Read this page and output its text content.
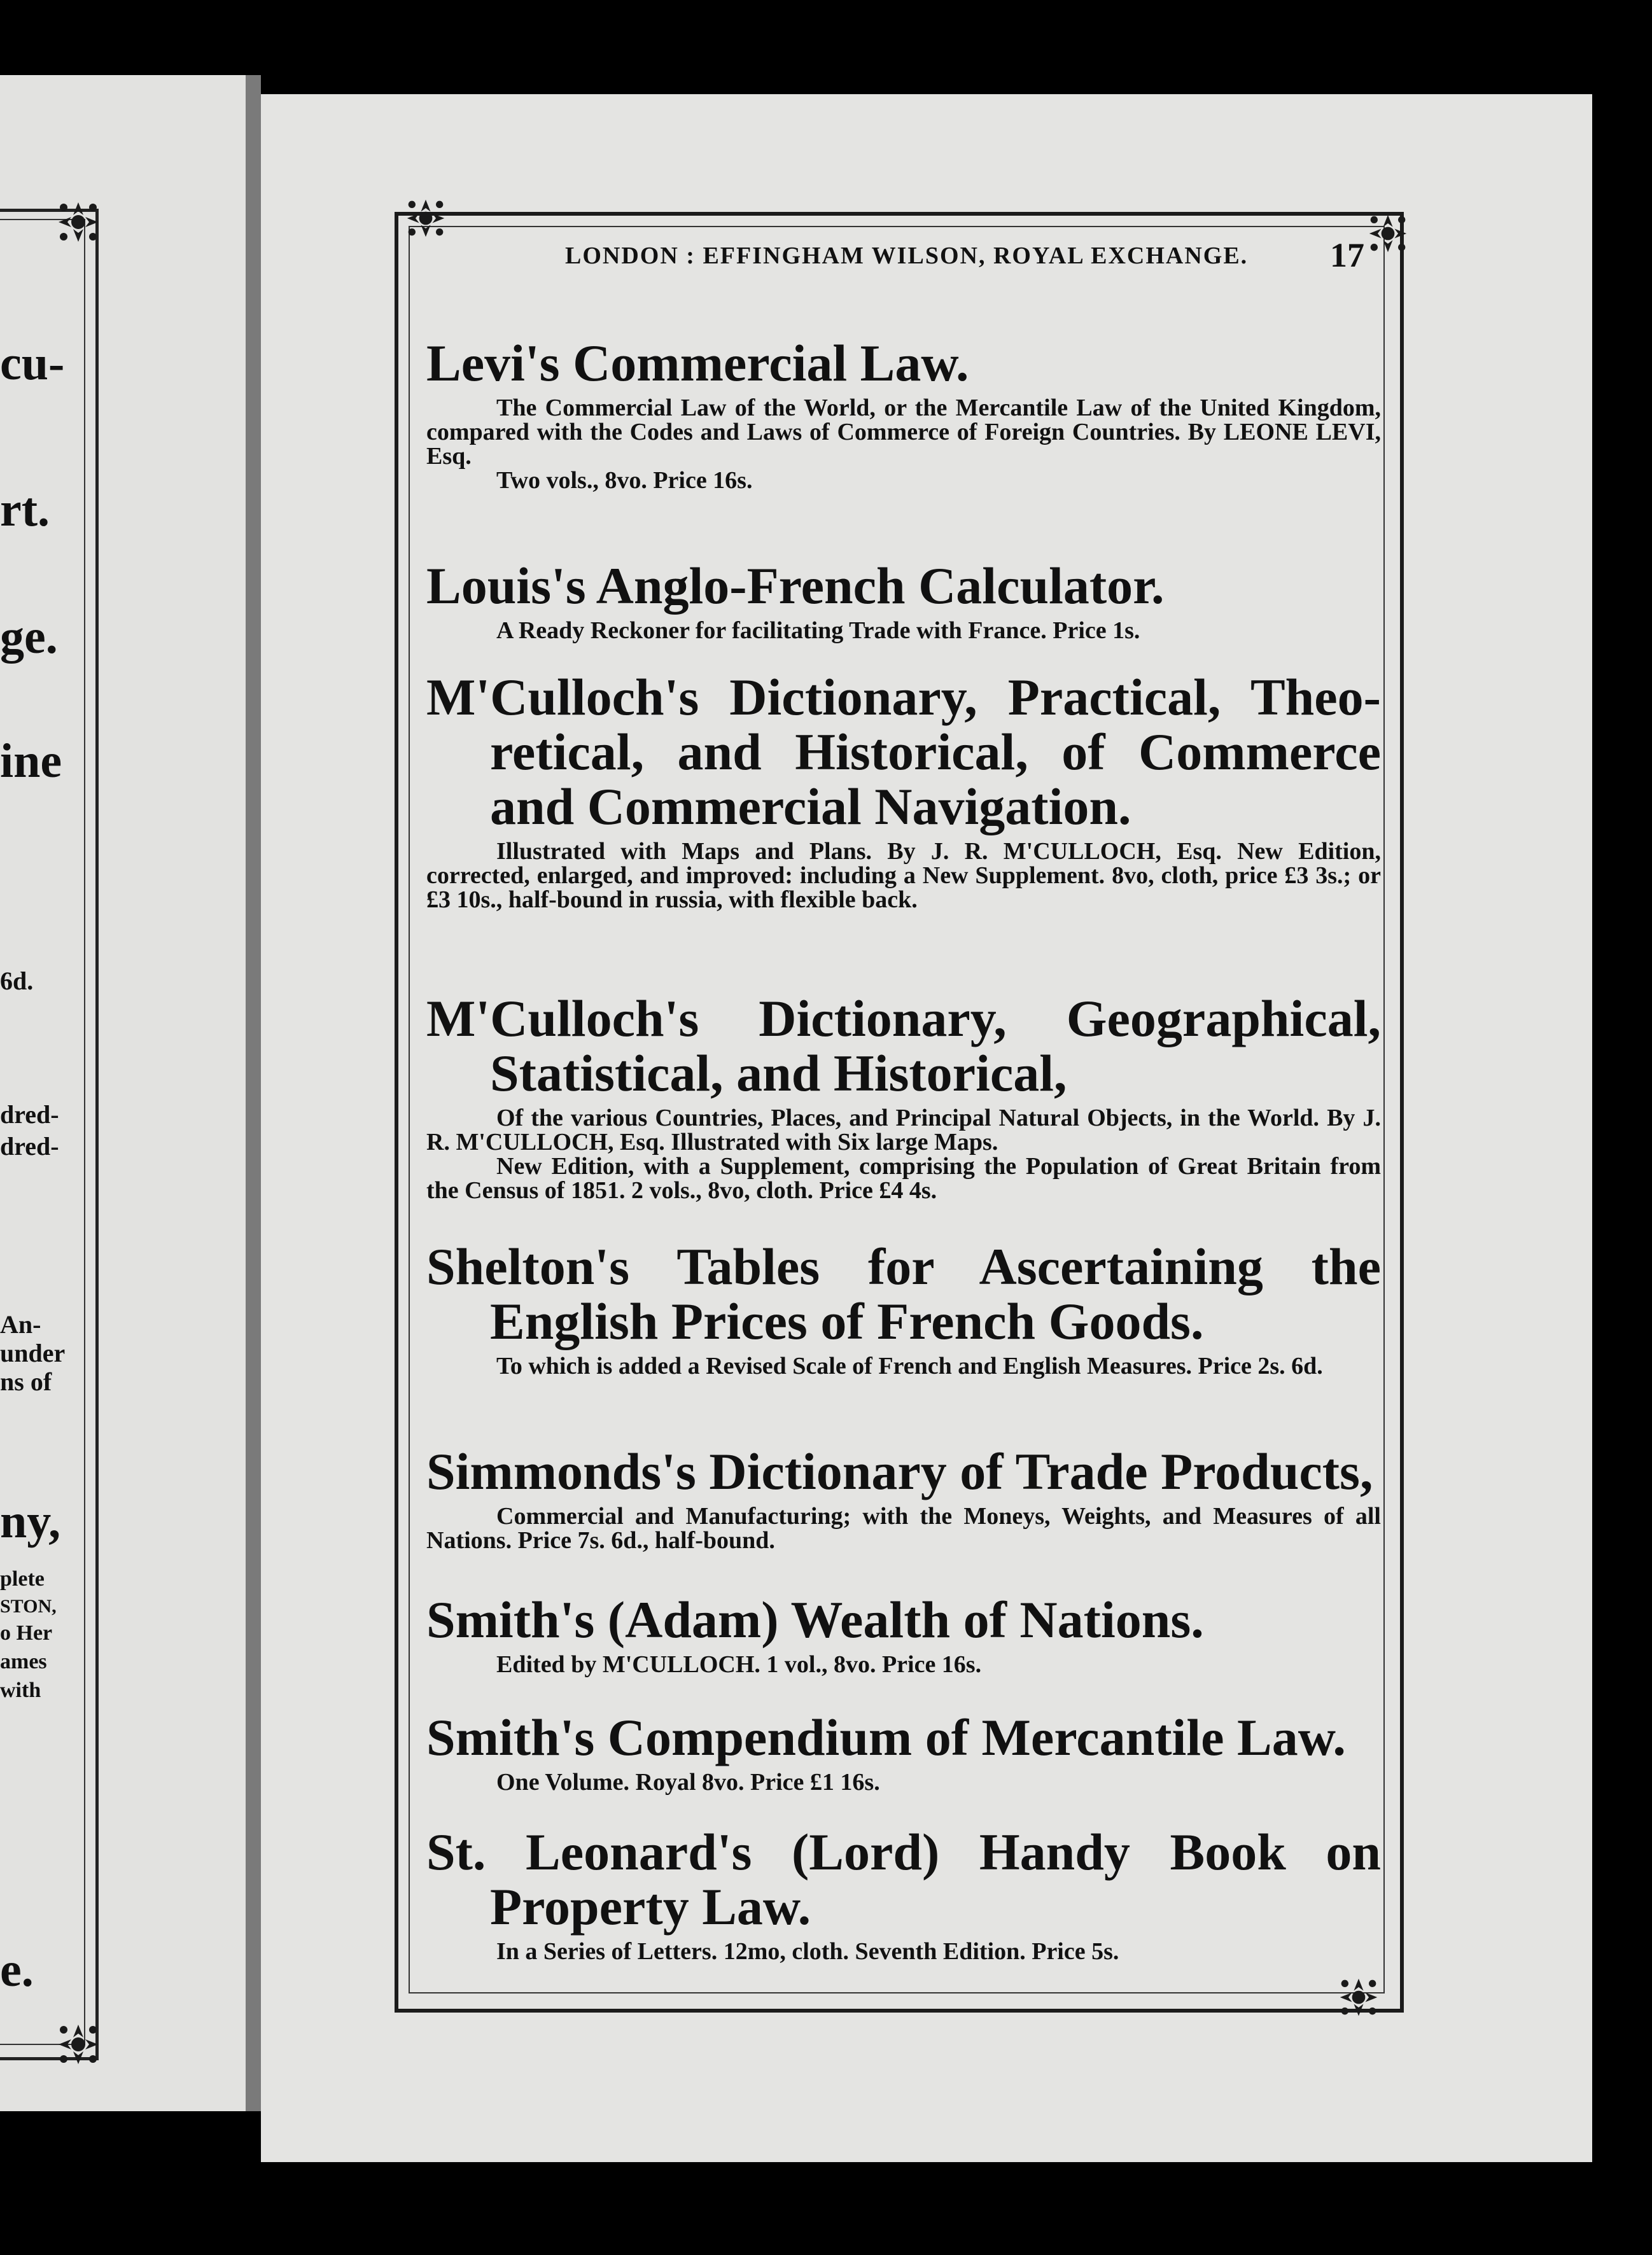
cu-
rt.
ge.
ine
6d.
dred-
dred-
An-
under
ns of
ny,
plete
STON,
o Her
ames
with
e.
LONDON : EFFINGHAM WILSON, ROYAL EXCHANGE. 17

Levi's Commercial Law.

The Commercial Law of the World, or the Mercantile Law of the United Kingdom, compared with the Codes and Laws of Commerce of Foreign Countries. By LEONE LEVI, Esq.

Two vols., 8vo. Price 16s.

Louis's Anglo-French Calculator.

A Ready Reckoner for facilitating Trade with France. Price 1s.

M'Culloch's Dictionary, Practical, Theo-

retical, and Historical, of Commerce

and Commercial Navigation.

Illustrated with Maps and Plans. By J. R. M'CULLOCH, Esq. New Edition, corrected, enlarged, and improved: including a New Supplement. 8vo, cloth, price £3 3s.; or £3 10s., half-bound in russia, with flexible back.

M'Culloch's Dictionary, Geographical,

Statistical, and Historical,

Of the various Countries, Places, and Principal Natural Objects, in the World. By J. R. M'CULLOCH, Esq. Illustrated with Six large Maps.

New Edition, with a Supplement, comprising the Population of Great Britain from the Census of 1851. 2 vols., 8vo, cloth. Price £4 4s.

Shelton's Tables for Ascertaining the

English Prices of French Goods.

To which is added a Revised Scale of French and English Measures. Price 2s. 6d.

Simmonds's Dictionary of Trade Products,

Commercial and Manufacturing; with the Moneys, Weights, and Measures of all Nations. Price 7s. 6d., half-bound.

Smith's (Adam) Wealth of Nations.

Edited by M'CULLOCH. 1 vol., 8vo. Price 16s.

Smith's Compendium of Mercantile Law.

One Volume. Royal 8vo. Price £1 16s.

St. Leonard's (Lord) Handy Book on

Property Law.

In a Series of Letters. 12mo, cloth. Seventh Edition. Price 5s.
